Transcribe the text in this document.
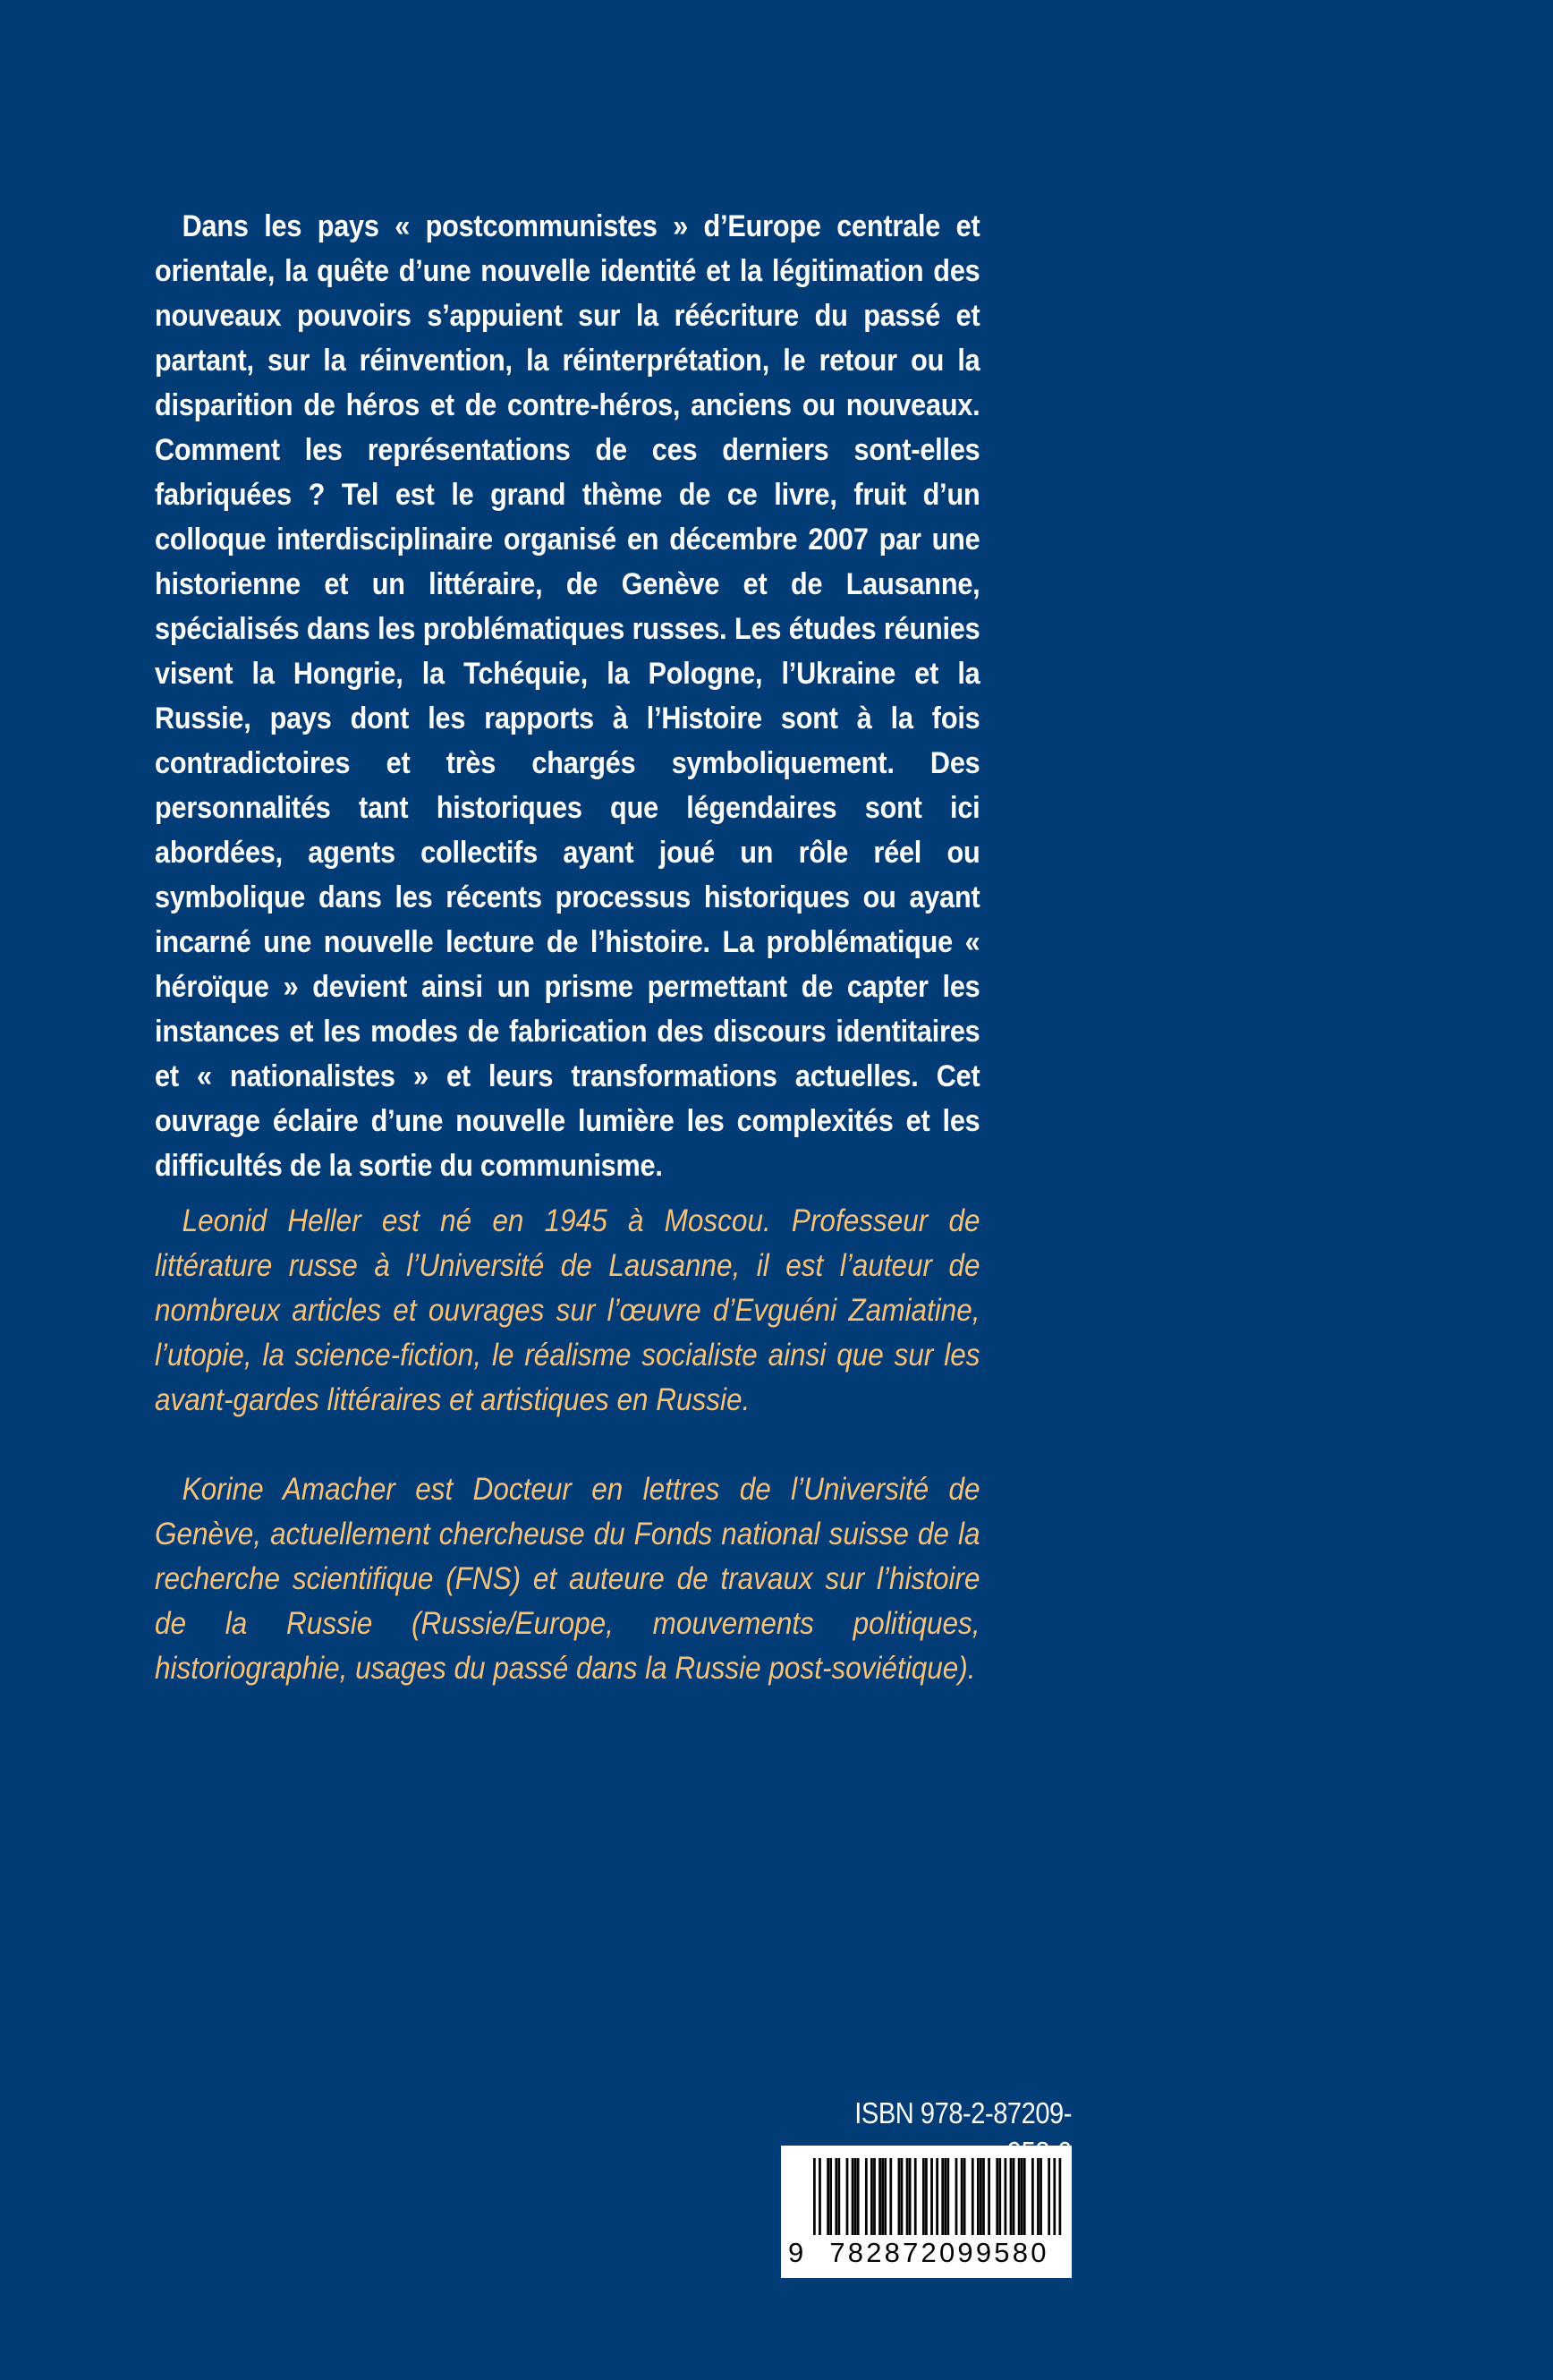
Dans les pays « postcommunistes » d’Europe centrale et orientale, la quête d’une nouvelle identité et la légitimation des nouveaux pouvoirs s’appuient sur la réécriture du passé et partant, sur la réinvention, la réinterprétation, le retour ou la disparition de héros et de contre-héros, anciens ou nouveaux. Comment les représentations de ces derniers sont-elles fabriquées ? Tel est le grand thème de ce livre, fruit d’un colloque interdisciplinaire organisé en décembre 2007 par une historienne et un littéraire, de Genève et de Lausanne, spécialisés dans les problématiques russes. Les études réunies visent la Hongrie, la Tchéquie, la Pologne, l’Ukraine et la Russie, pays dont les rapports à l’Histoire sont à la fois contradictoires et très chargés symboliquement. Des personnalités tant historiques que légendaires sont ici abordées, agents collectifs ayant joué un rôle réel ou symbolique dans les récents processus historiques ou ayant incarné une nouvelle lecture de l’histoire. La problématique « héroïque » devient ainsi un prisme permettant de capter les instances et les modes de fabrication des discours identitaires et « nationalistes » et leurs transformations actuelles. Cet ouvrage éclaire d’une nouvelle lumière les complexités et les difficultés de la sortie du communisme.

Leonid Heller est né en 1945 à Moscou. Professeur de littérature russe à l’Université de Lausanne, il est l’auteur de nombreux articles et ouvrages sur l’œuvre d’Evguéni Zamiatine, l’utopie, la science-fiction, le réalisme socialiste ainsi que sur les avant-gardes littéraires et artistiques en Russie.

Korine Amacher est Docteur en lettres de l’Université de Genève, actuellement chercheuse du Fonds national suisse de la recherche scientifique (FNS) et auteure de travaux sur l’histoire de la Russie (Russie/Europe, mouvements politiques, historiographie, usages du passé dans la Russie post-soviétique).

ISBN 978-2-87209-
9 782872099580
